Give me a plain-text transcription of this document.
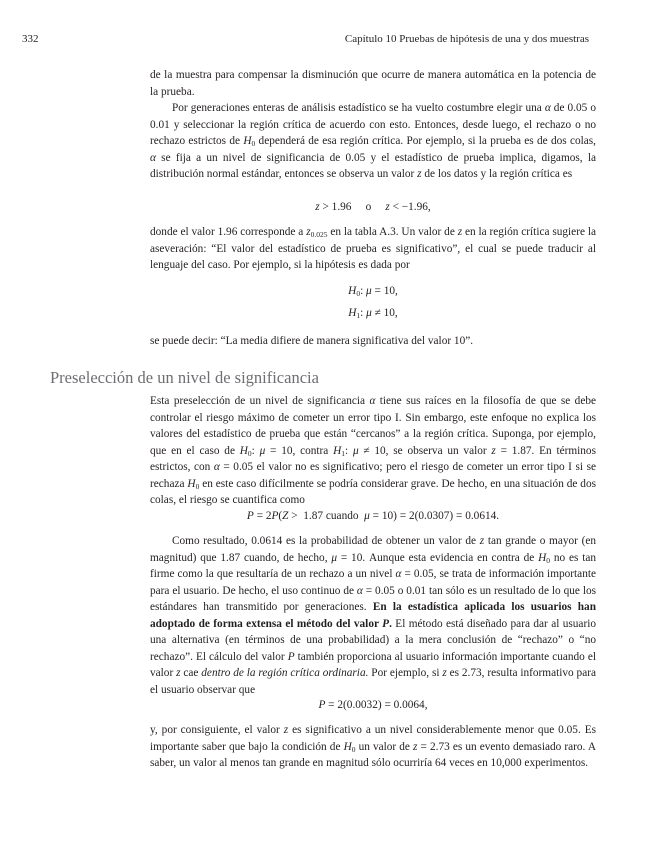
332	Capítulo 10 Pruebas de hipótesis de una y dos muestras

de la muestra para compensar la disminución que ocurre de manera automática en la potencia de la prueba.

Por generaciones enteras de análisis estadístico se ha vuelto costumbre elegir una α de 0.05 o 0.01 y seleccionar la región crítica de acuerdo con esto. Entonces, desde luego, el rechazo o no rechazo estrictos de $H_0$ dependerá de esa región crítica. Por ejemplo, si la prueba es de dos colas, α se fija a un nivel de significancia de 0.05 y el estadístico de prueba implica, digamos, la distribución normal estándar, entonces se observa un valor z de los datos y la región crítica es

z > 1.96     o     z < −1.96,

donde el valor 1.96 corresponde a $z_{0.025}$ en la tabla A.3. Un valor de z en la región crítica sugiere la aseveración: “El valor del estadístico de prueba es significativo”, el cual se puede traducir al lenguaje del caso. Por ejemplo, si la hipótesis es dada por

$H_0$: μ = 10,
$H_1$: μ ≠ 10,

se puede decir: “La media difiere de manera significativa del valor 10”.

Preselección de un nivel de significancia

Esta preselección de un nivel de significancia α tiene sus raíces en la filosofía de que se debe controlar el riesgo máximo de cometer un error tipo I. Sin embargo, este enfoque no explica los valores del estadístico de prueba que están “cercanos” a la región crítica. Suponga, por ejemplo, que en el caso de $H_0$: μ = 10, contra $H_1$: μ ≠ 10, se observa un valor z = 1.87. En términos estrictos, con α = 0.05 el valor no es significativo; pero el riesgo de cometer un error tipo I si se rechaza $H_0$ en este caso difícilmente se podría considerar grave. De hecho, en una situación de dos colas, el riesgo se cuantifica como

P = 2P(Z >  1.87 cuando  μ = 10) = 2(0.0307) = 0.0614.

Como resultado, 0.0614 es la probabilidad de obtener un valor de z tan grande o mayor (en magnitud) que 1.87 cuando, de hecho, μ = 10. Aunque esta evidencia en contra de $H_0$ no es tan firme como la que resultaría de un rechazo a un nivel α = 0.05, se trata de información importante para el usuario. De hecho, el uso continuo de α = 0.05 o 0.01 tan sólo es un resultado de lo que los estándares han transmitido por generaciones. En la estadística aplicada los usuarios han adoptado de forma extensa el método del valor P. El método está diseñado para dar al usuario una alternativa (en términos de una probabilidad) a la mera conclusión de “rechazo” o “no rechazo”. El cálculo del valor P también proporciona al usuario información importante cuando el valor z cae dentro de la región crítica ordinaria. Por ejemplo, si z es 2.73, resulta informativo para el usuario observar que

P = 2(0.0032) = 0.0064,

y, por consiguiente, el valor z es significativo a un nivel considerablemente menor que 0.05. Es importante saber que bajo la condición de $H_0$ un valor de z = 2.73 es un evento demasiado raro. A saber, un valor al menos tan grande en magnitud sólo ocurriría 64 veces en 10,000 experimentos.
